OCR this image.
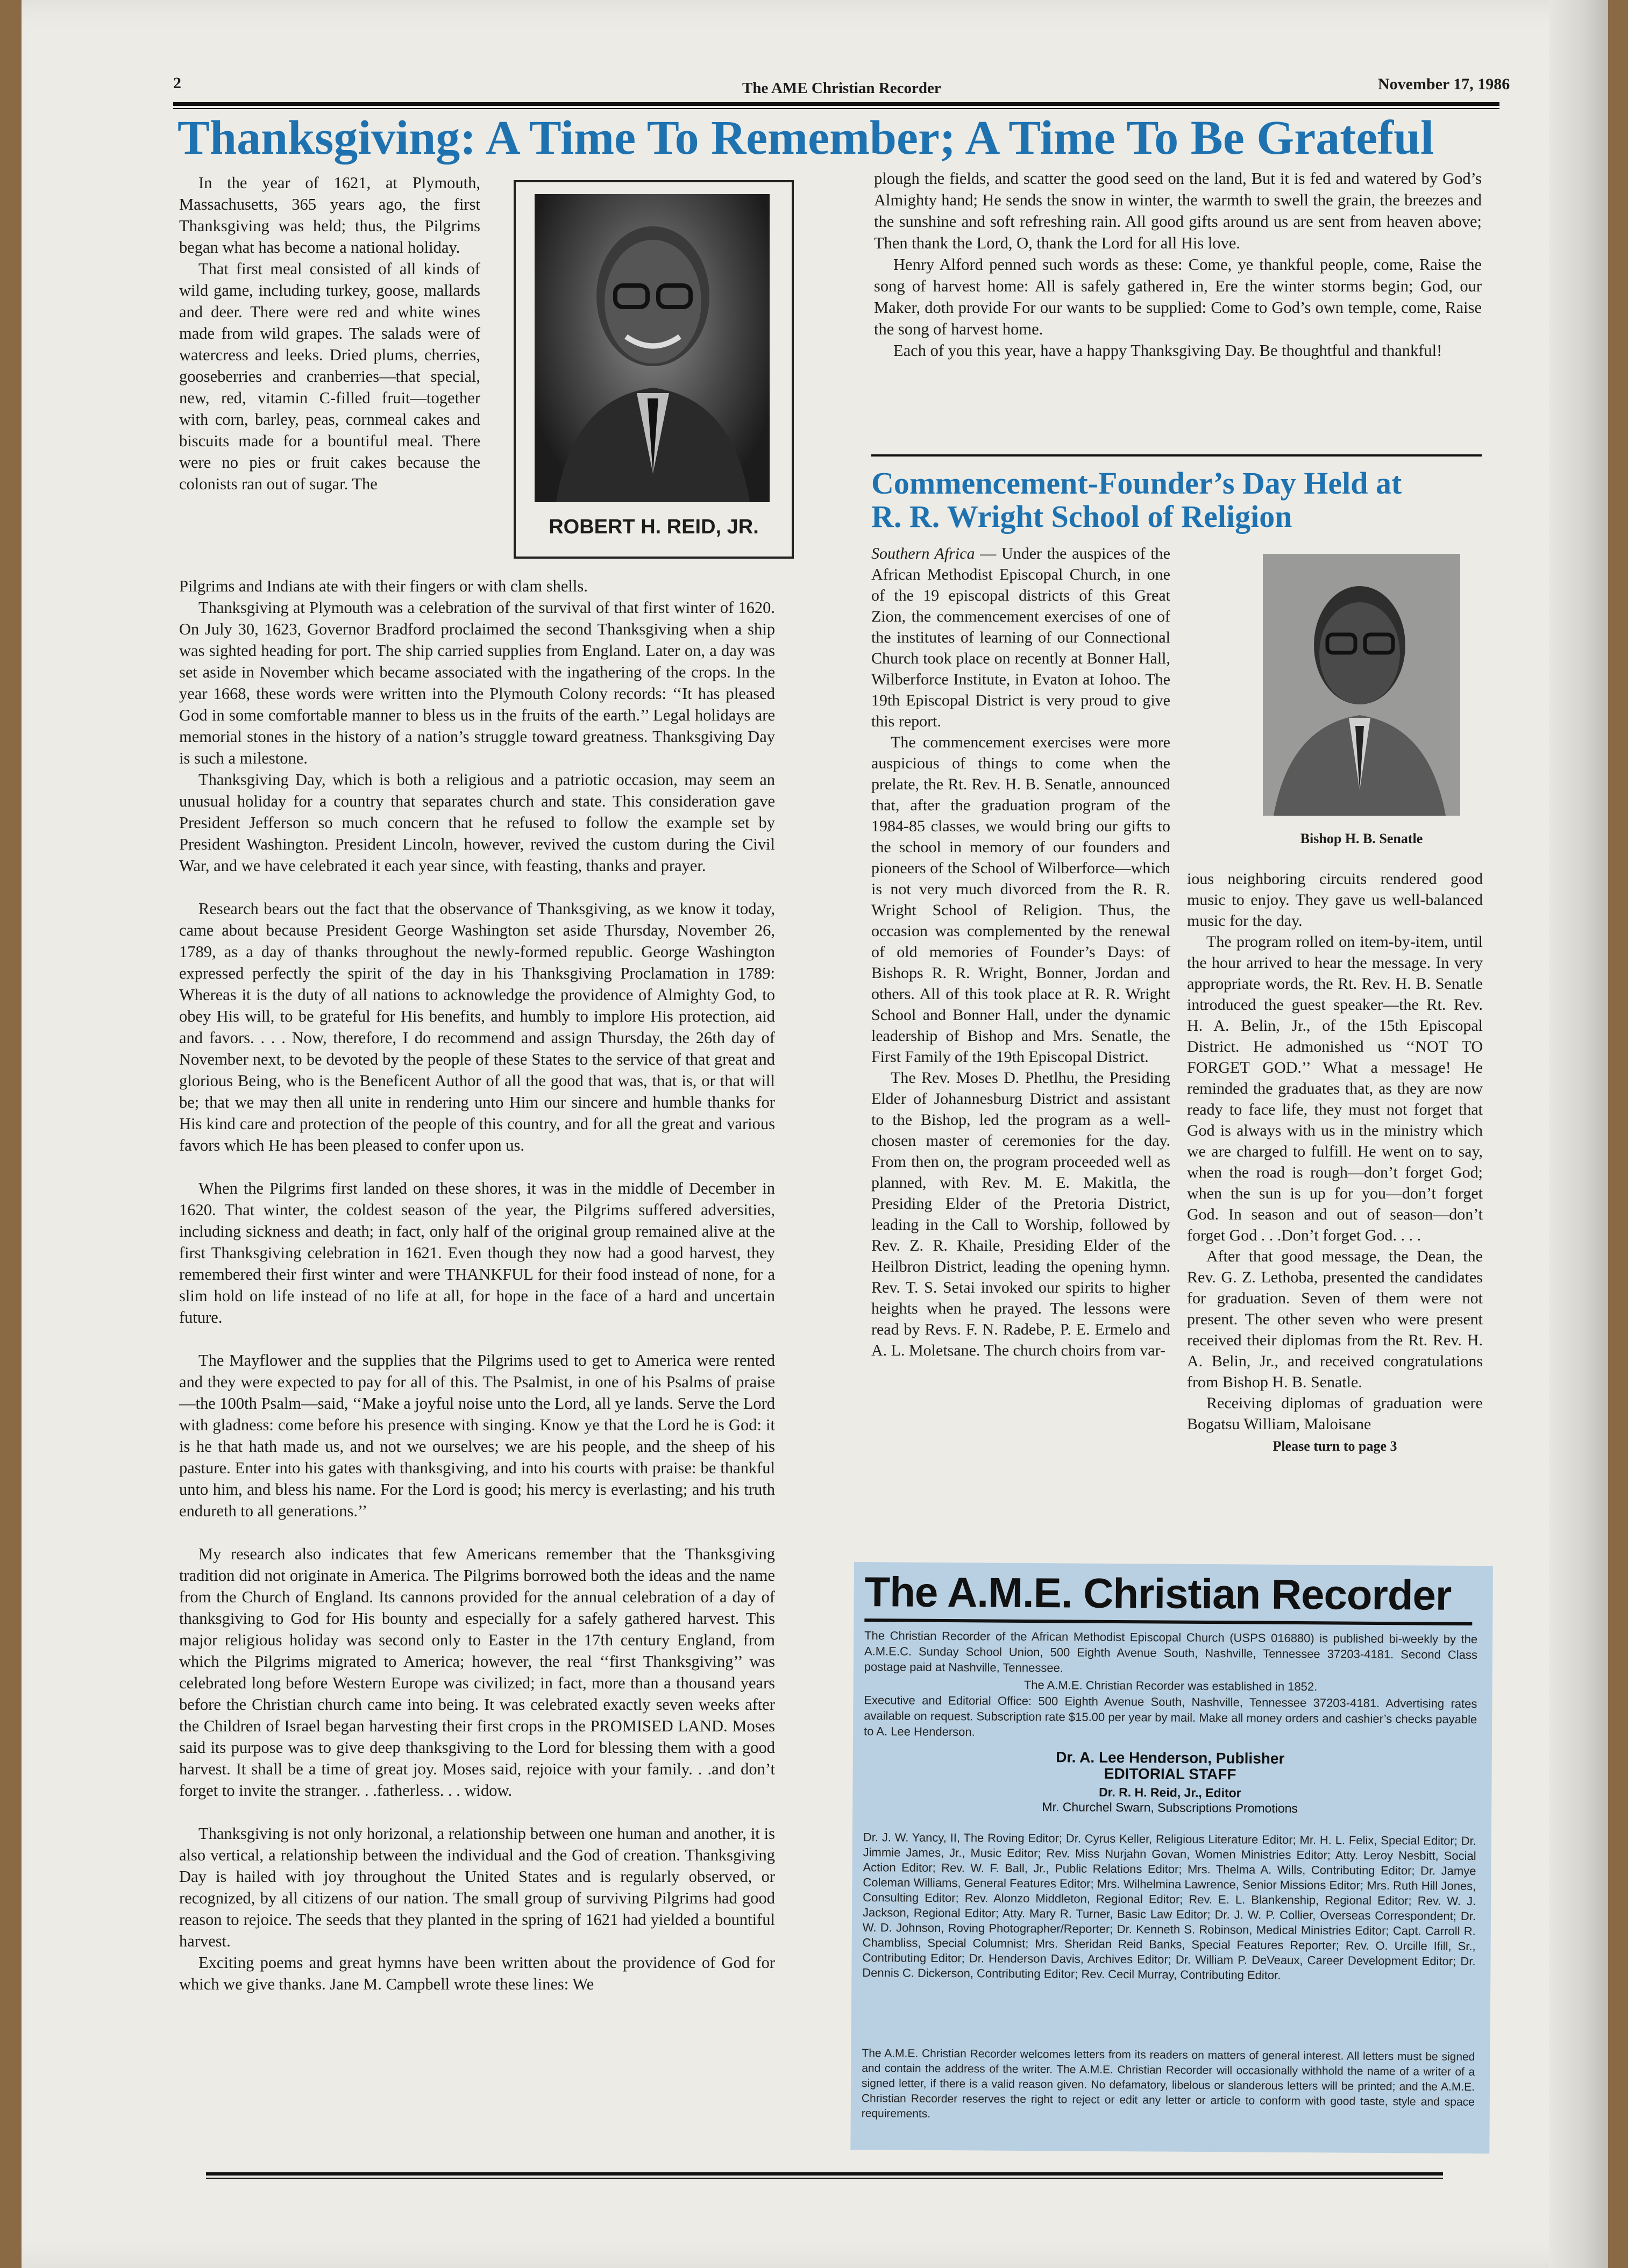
2	The AME Christian Recorder	November 17, 1986
Thanksgiving: A Time To Remember; A Time To Be Grateful
ROBERT H. REID, JR.

In the year of 1621, at Plymouth, Massachusetts, 365 years ago, the first Thanksgiving was held; thus, the Pilgrims began what has become a national holiday.

That first meal consisted of all kinds of wild game, including turkey, goose, mallards and deer. There were red and white wines made from wild grapes. The salads were of watercress and leeks. Dried plums, cherries, gooseberries and cranberries—that special, new, red, vitamin C-filled fruit—together with corn, barley, peas, cornmeal cakes and biscuits made for a bountiful meal. There were no pies or fruit cakes because the colonists ran out of sugar. The

Pilgrims and Indians ate with their fingers or with clam shells.

Thanksgiving at Plymouth was a celebration of the survival of that first winter of 1620. On July 30, 1623, Governor Bradford proclaimed the second Thanksgiving when a ship was sighted heading for port. The ship carried supplies from England. Later on, a day was set aside in November which became associated with the ingathering of the crops. In the year 1668, these words were written into the Plymouth Colony records: ‘‘It has pleased God in some comfortable manner to bless us in the fruits of the earth.’’ Legal holidays are memorial stones in the history of a nation’s struggle toward greatness. Thanksgiving Day is such a milestone.

Thanksgiving Day, which is both a religious and a patriotic occasion, may seem an unusual holiday for a country that separates church and state. This consideration gave President Jefferson so much concern that he refused to follow the example set by President Washington. President Lincoln, however, revived the custom during the Civil War, and we have celebrated it each year since, with feasting, thanks and prayer.

Research bears out the fact that the observance of Thanksgiving, as we know it today, came about because President George Washington set aside Thursday, November 26, 1789, as a day of thanks throughout the newly-formed republic. George Washington expressed perfectly the spirit of the day in his Thanksgiving Proclamation in 1789: Whereas it is the duty of all nations to acknowledge the providence of Almighty God, to obey His will, to be grateful for His benefits, and humbly to implore His protection, aid and favors. . . . Now, therefore, I do recommend and assign Thursday, the 26th day of November next, to be devoted by the people of these States to the service of that great and glorious Being, who is the Beneficent Author of all the good that was, that is, or that will be; that we may then all unite in rendering unto Him our sincere and humble thanks for His kind care and protection of the people of this country, and for all the great and various favors which He has been pleased to confer upon us.

When the Pilgrims first landed on these shores, it was in the middle of December in 1620. That winter, the coldest season of the year, the Pilgrims suffered adversities, including sickness and death; in fact, only half of the original group remained alive at the first Thanksgiving celebration in 1621. Even though they now had a good harvest, they remembered their first winter and were THANKFUL for their food instead of none, for a slim hold on life instead of no life at all, for hope in the face of a hard and uncertain future.

The Mayflower and the supplies that the Pilgrims used to get to America were rented and they were expected to pay for all of this. The Psalmist, in one of his Psalms of praise—the 100th Psalm—said, ‘‘Make a joyful noise unto the Lord, all ye lands. Serve the Lord with gladness: come before his presence with singing. Know ye that the Lord he is God: it is he that hath made us, and not we ourselves; we are his people, and the sheep of his pasture. Enter into his gates with thanksgiving, and into his courts with praise: be thankful unto him, and bless his name. For the Lord is good; his mercy is everlasting; and his truth endureth to all generations.’’

My research also indicates that few Americans remember that the Thanksgiving tradition did not originate in America. The Pilgrims borrowed both the ideas and the name from the Church of England. Its cannons provided for the annual celebration of a day of thanksgiving to God for His bounty and especially for a safely gathered harvest. This major religious holiday was second only to Easter in the 17th century England, from which the Pilgrims migrated to America; however, the real ‘‘first Thanksgiving’’ was celebrated long before Western Europe was civilized; in fact, more than a thousand years before the Christian church came into being. It was celebrated exactly seven weeks after the Children of Israel began harvesting their first crops in the PROMISED LAND. Moses said its purpose was to give deep thanksgiving to the Lord for blessing them with a good harvest. It shall be a time of great joy. Moses said, rejoice with your family. . .and don’t forget to invite the stranger. . .fatherless. . . widow.

Thanksgiving is not only horizonal, a relationship between one human and another, it is also vertical, a relationship between the individual and the God of creation. Thanksgiving Day is hailed with joy throughout the United States and is regularly observed, or recognized, by all citizens of our nation. The small group of surviving Pilgrims had good reason to rejoice. The seeds that they planted in the spring of 1621 had yielded a bountiful harvest.

Exciting poems and great hymns have been written about the providence of God for which we give thanks. Jane M. Campbell wrote these lines: We

plough the fields, and scatter the good seed on the land, But it is fed and watered by God’s Almighty hand; He sends the snow in winter, the warmth to swell the grain, the breezes and the sunshine and soft refreshing rain. All good gifts around us are sent from heaven above; Then thank the Lord, O, thank the Lord for all His love.

Henry Alford penned such words as these: Come, ye thankful people, come, Raise the song of harvest home: All is safely gathered in, Ere the winter storms begin; God, our Maker, doth provide For our wants to be supplied: Come to God’s own temple, come, Raise the song of harvest home.

Each of you this year, have a happy Thanksgiving Day. Be thoughtful and thankful!

Commencement-Founder’s Day Held at
R. R. Wright School of Religion
Bishop H. B. Senatle

Southern Africa — Under the auspices of the African Methodist Episcopal Church, in one of the 19 episcopal districts of this Great Zion, the commencement exercises of one of the institutes of learning of our Connectional Church took place on recently at Bonner Hall, Wilberforce Institute, in Evaton at Iohoo. The 19th Episcopal District is very proud to give this report.

The commencement exercises were more auspicious of things to come when the prelate, the Rt. Rev. H. B. Senatle, announced that, after the graduation program of the 1984-85 classes, we would bring our gifts to the school in memory of our founders and pioneers of the School of Wilberforce—which is not very much divorced from the R. R. Wright School of Religion. Thus, the occasion was complemented by the renewal of old memories of Founder’s Days: of Bishops R. R. Wright, Bonner, Jordan and others. All of this took place at R. R. Wright School and Bonner Hall, under the dynamic leadership of Bishop and Mrs. Senatle, the First Family of the 19th Episcopal District.

The Rev. Moses D. Phetlhu, the Presiding Elder of Johannesburg District and assistant to the Bishop, led the program as a well-chosen master of ceremonies for the day. From then on, the program proceeded well as planned, with Rev. M. E. Makitla, the Presiding Elder of the Pretoria District, leading in the Call to Worship, followed by Rev. Z. R. Khaile, Presiding Elder of the Heilbron District, leading the opening hymn. Rev. T. S. Setai invoked our spirits to higher heights when he prayed. The lessons were read by Revs. F. N. Radebe, P. E. Ermelo and A. L. Moletsane. The church choirs from var-

ious neighboring circuits rendered good music to enjoy. They gave us well-balanced music for the day.

The program rolled on item-by-item, until the hour arrived to hear the message. In very appropriate words, the Rt. Rev. H. B. Senatle introduced the guest speaker—the Rt. Rev. H. A. Belin, Jr., of the 15th Episcopal District. He admonished us ‘‘NOT TO FORGET GOD.’’ What a message! He reminded the graduates that, as they are now ready to face life, they must not forget that God is always with us in the ministry which we are charged to fulfill. He went on to say, when the road is rough—don’t forget God; when the sun is up for you—don’t forget God. In season and out of season—don’t forget God . . .Don’t forget God. . . .

After that good message, the Dean, the Rev. G. Z. Lethoba, presented the candidates for graduation. Seven of them were not present. The other seven who were present received their diplomas from the Rt. Rev. H. A. Belin, Jr., and received congratulations from Bishop H. B. Senatle.

Receiving diplomas of graduation were Bogatsu William, Maloisane

Please turn to page 3
The A.M.E. Christian Recorder
The Christian Recorder of the African Methodist Episcopal Church (USPS 016880) is published bi-weekly by the A.M.E.C. Sunday School Union, 500 Eighth Avenue South, Nashville, Tennessee 37203-4181. Second Class postage paid at Nashville, Tennessee.
The A.M.E. Christian Recorder was established in 1852.
Executive and Editorial Office: 500 Eighth Avenue South, Nashville, Tennessee 37203-4181. Advertising rates available on request. Subscription rate $15.00 per year by mail. Make all money orders and cashier’s checks payable to A. Lee Henderson.
Dr. A. Lee Henderson, Publisher
EDITORIAL STAFF
Dr. R. H. Reid, Jr., Editor
Mr. Churchel Swarn, Subscriptions Promotions
Dr. J. W. Yancy, II, The Roving Editor; Dr. Cyrus Keller, Religious Literature Editor; Mr. H. L. Felix, Special Editor; Dr. Jimmie James, Jr., Music Editor; Rev. Miss Nurjahn Govan, Women Ministries Editor; Atty. Leroy Nesbitt, Social Action Editor; Rev. W. F. Ball, Jr., Public Relations Editor; Mrs. Thelma A. Wills, Contributing Editor; Dr. Jamye Coleman Williams, General Features Editor; Mrs. Wilhelmina Lawrence, Senior Missions Editor; Mrs. Ruth Hill Jones, Consulting Editor; Rev. Alonzo Middleton, Regional Editor; Rev. E. L. Blankenship, Regional Editor; Rev. W. J. Jackson, Regional Editor; Atty. Mary R. Turner, Basic Law Editor; Dr. J. W. P. Collier, Overseas Correspondent; Dr. W. D. Johnson, Roving Photographer/Reporter; Dr. Kenneth S. Robinson, Medical Ministries Editor; Capt. Carroll R. Chambliss, Special Columnist; Mrs. Sheridan Reid Banks, Special Features Reporter; Rev. O. Urcille Ifill, Sr., Contributing Editor; Dr. Henderson Davis, Archives Editor; Dr. William P. DeVeaux, Career Development Editor; Dr. Dennis C. Dickerson, Contributing Editor; Rev. Cecil Murray, Contributing Editor.
The A.M.E. Christian Recorder welcomes letters from its readers on matters of general interest. All letters must be signed and contain the address of the writer. The A.M.E. Christian Recorder will occasionally withhold the name of a writer of a signed letter, if there is a valid reason given. No defamatory, libelous or slanderous letters will be printed; and the A.M.E. Christian Recorder reserves the right to reject or edit any letter or article to conform with good taste, style and space requirements.
